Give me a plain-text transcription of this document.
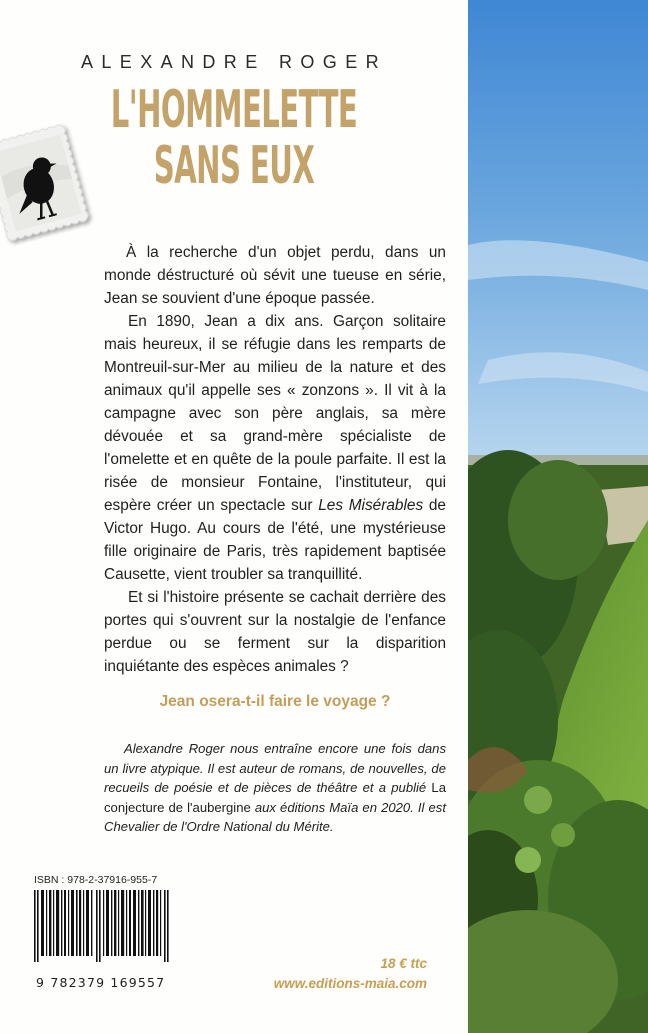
ALEXANDRE ROGER
L'HOMMELETTE
SANS EUX

À la recherche d'un objet perdu, dans un monde déstructuré où sévit une tueuse en série, Jean se souvient d'une époque passée.

En 1890, Jean a dix ans. Garçon solitaire mais heureux, il se réfugie dans les remparts de Montreuil-sur-Mer au milieu de la nature et des animaux qu'il appelle ses « zonzons ». Il vit à la campagne avec son père anglais, sa mère dévouée et sa grand-mère spécialiste de l'omelette et en quête de la poule parfaite. Il est la risée de monsieur Fontaine, l'instituteur, qui espère créer un spectacle sur Les Misérables de Victor Hugo. Au cours de l'été, une mystérieuse fille originaire de Paris, très rapidement baptisée Causette, vient troubler sa tranquillité.

Et si l'histoire présente se cachait derrière des portes qui s'ouvrent sur la nostalgie de l'enfance perdue ou se ferment sur la disparition inquiétante des espèces animales ?

Jean osera-t-il faire le voyage ?

Alexandre Roger nous entraîne encore une fois dans un livre atypique. Il est auteur de romans, de nouvelles, de recueils de poésie et de pièces de théâtre et a publié La conjecture de l'aubergine aux éditions Maïa en 2020. Il est Chevalier de l'Ordre National du Mérite.

ISBN : 978-2-37916-955-7
9 782379 169557
18 € ttc
www.editions-maia.com
